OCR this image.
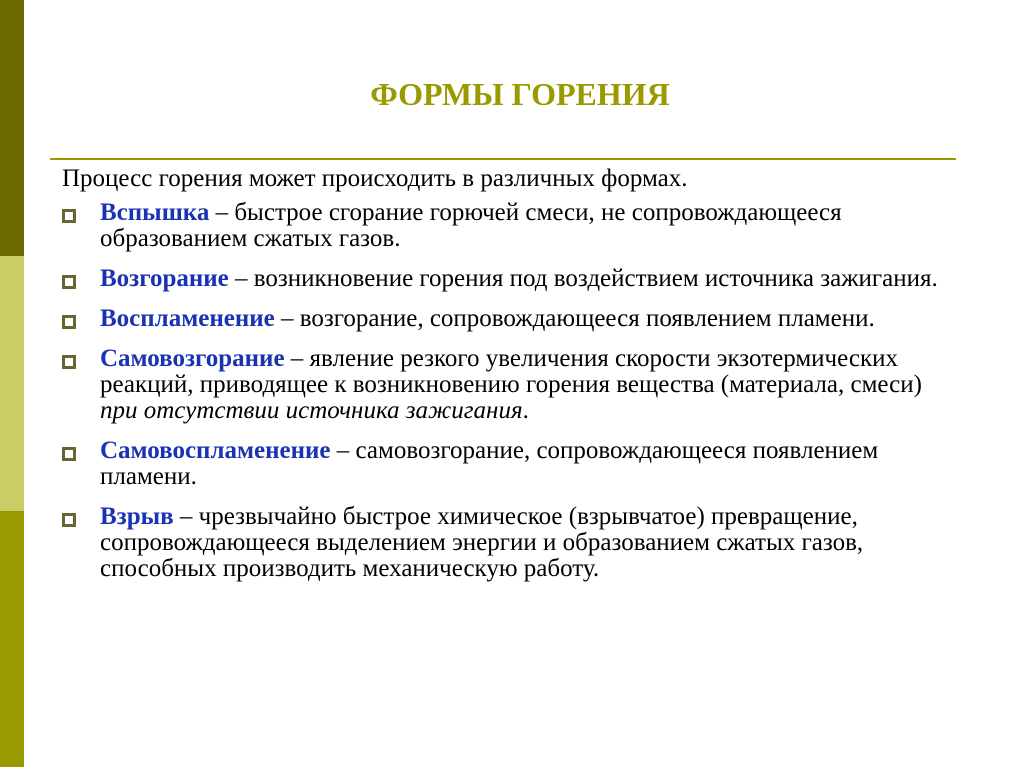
ФОРМЫ ГОРЕНИЯ

Процесс горения может происходить в различных формах.

Вспышка – быстрое сгорание горючей смеси, не сопровождающееся образованием сжатых газов.
Возгорание – возникновение горения под воздействием источника зажигания.
Воспламенение – возгорание, сопровождающееся появлением пламени.
Самовозгорание – явление резкого увеличения скорости экзотермических реакций, приводящее к возникновению горения вещества (материала, смеси) при отсутствии источника зажигания.
Самовоспламенение – самовозгорание, сопровождающееся появлением пламени.
Взрыв – чрезвычайно быстрое химическое (взрывчатое) превращение, сопровождающееся выделением энергии и образованием сжатых газов, способных производить механическую работу.
